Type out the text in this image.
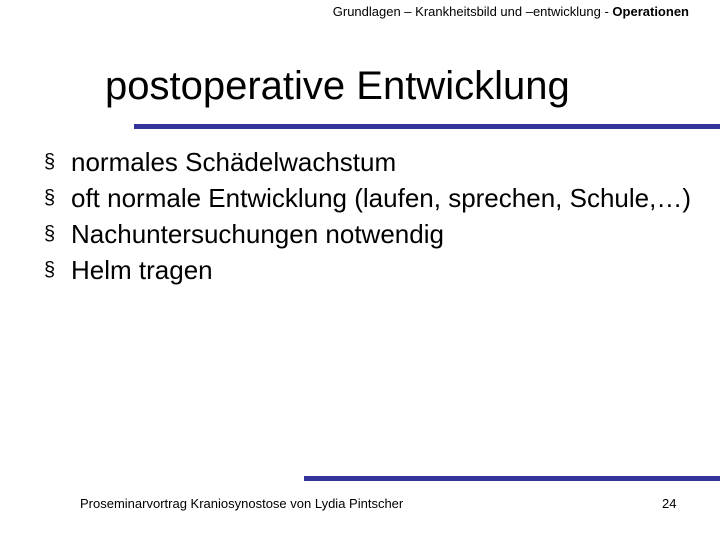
Grundlagen – Krankheitsbild und –entwicklung - Operationen
postoperative Entwicklung
§ normales Schädelwachstum
§ oft normale Entwicklung (laufen, sprechen, Schule,…)
§ Nachuntersuchungen notwendig
§ Helm tragen
Proseminarvortrag Kraniosynostose von Lydia Pintscher	24
